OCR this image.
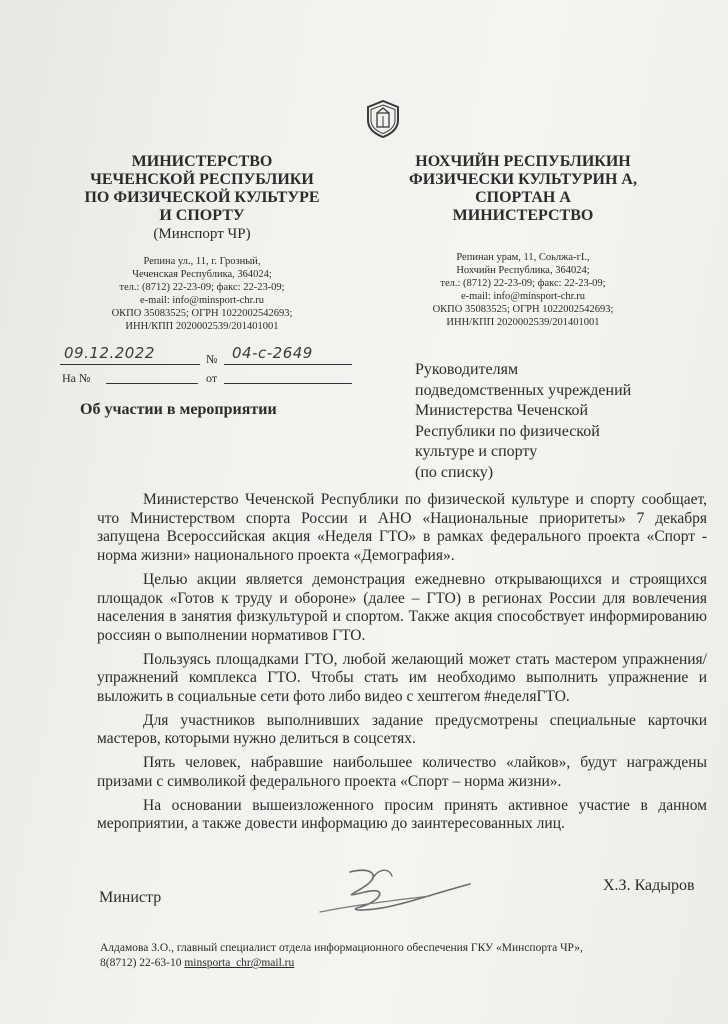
МИНИСТЕРСТВО
ЧЕЧЕНСКОЙ РЕСПУБЛИКИ
ПО ФИЗИЧЕСКОЙ КУЛЬТУРЕ
И СПОРТУ
(Минспорт ЧР)
Репина ул., 11, г. Грозный,
Чеченская Республика, 364024;
тел.: (8712) 22-23-09; факс: 22-23-09;
e-mail: info@minsport-chr.ru
ОКПО 35083525; ОГРН 1022002542693;
ИНН/КПП 2020002539/201401001
НОХЧИЙН РЕСПУБЛИКИН
ФИЗИЧЕСКИ КУЛЬТУРИН А,
СПОРТАН А
МИНИСТЕРСТВО
Репинан урам, 11, Соьлжа-гӀ.,
Нохчийн Республика, 364024;
тел.: (8712) 22-23-09; факс: 22-23-09;
e-mail: info@minsport-chr.ru
ОКПО 35083525; ОГРН 1022002542693;
ИНН/КПП 2020002539/201401001
09.12.2022	№ 04-с-2649
На №	от
Об участии в мероприятии
Руководителям
подведомственных учреждений
Министерства Чеченской
Республики по физической
культуре и спорту
(по списку)

Министерство Чеченской Республики по физической культуре и спорту сообщает, что Министерством спорта России и АНО «Национальные приоритеты» 7 декабря запущена Всероссийская акция «Неделя ГТО» в рамках федерального проекта «Спорт - норма жизни» национального проекта «Демография».

Целью акции является демонстрация ежедневно открывающихся и строящихся площадок «Готов к труду и обороне» (далее – ГТО) в регионах России для вовлечения населения в занятия физкультурой и спортом. Также акция способствует информированию россиян о выполнении нормативов ГТО.

Пользуясь площадками ГТО, любой желающий может стать мастером упражнения/упражнений комплекса ГТО. Чтобы стать им необходимо выполнить упражнение и выложить в социальные сети фото либо видео с хештегом #неделяГТО.

Для участников выполнивших задание предусмотрены специальные карточки мастеров, которыми нужно делиться в соцсетях.

Пять человек, набравшие наибольшее количество «лайков», будут награждены призами с символикой федерального проекта «Спорт – норма жизни».

На основании вышеизложенного просим принять активное участие в данном мероприятии, а также довести информацию до заинтересованных лиц.

Министр
Х.З. Кадыров
Алдамова З.О., главный специалист отдела информационного обеспечения ГКУ «Минспорта ЧР»,
8(8712) 22-63-10 minsporta_chr@mail.ru
